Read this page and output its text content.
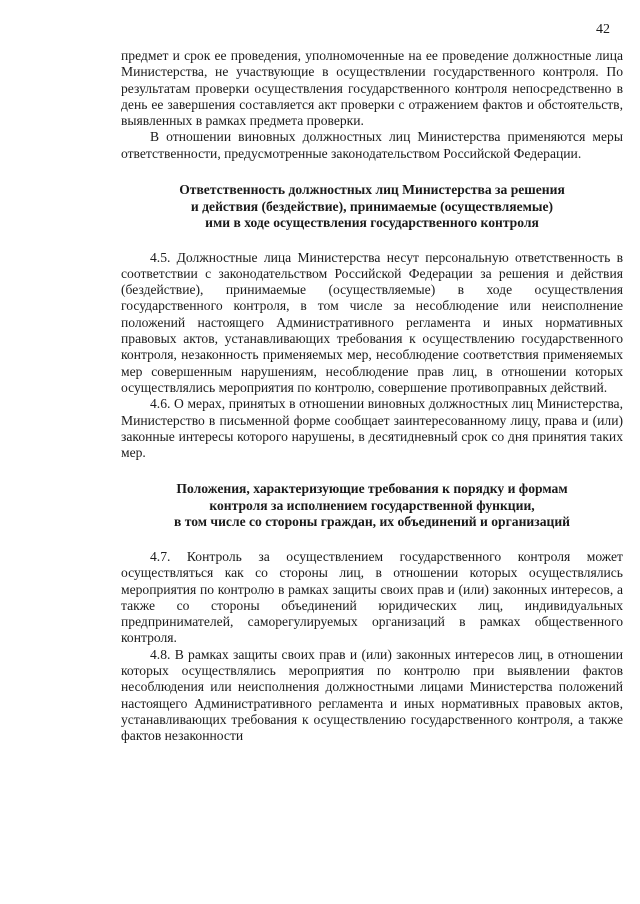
42

предмет и срок ее проведения, уполномоченные на ее проведение должностные лица Министерства, не участвующие в осуществлении государственного контроля. По результатам проверки осуществления государственного контроля непосредственно в день ее завершения составляется акт проверки с отражением фактов и обстоятельств, выявленных в рамках предмета проверки.

В отношении виновных должностных лиц Министерства применяются меры ответственности, предусмотренные законодательством Российской Федерации.

Ответственность должностных лиц Министерства за решения
и действия (бездействие), принимаемые (осуществляемые)
ими в ходе осуществления государственного контроля

4.5. Должностные лица Министерства несут персональную ответственность в соответствии с законодательством Российской Федерации за решения и действия (бездействие), принимаемые (осуществляемые) в ходе осуществления государственного контроля, в том числе за несоблюдение или неисполнение положений настоящего Административного регламента и иных нормативных правовых актов, устанавливающих требования к осуществлению государственного контроля, незаконность применяемых мер, несоблюдение соответствия применяемых мер совершенным нарушениям, несоблюдение прав лиц, в отношении которых осуществлялись мероприятия по контролю, совершение противоправных действий.

4.6. О мерах, принятых в отношении виновных должностных лиц Министерства, Министерство в письменной форме сообщает заинтересованному лицу, права и (или) законные интересы которого нарушены, в десятидневный срок со дня принятия таких мер.

Положения, характеризующие требования к порядку и формам
контроля за исполнением государственной функции,
в том числе со стороны граждан, их объединений и организаций

4.7. Контроль за осуществлением государственного контроля может осуществляться как со стороны лиц, в отношении которых осуществлялись мероприятия по контролю в рамках защиты своих прав и (или) законных интересов, а также со стороны объединений юридических лиц, индивидуальных предпринимателей, саморегулируемых организаций в рамках общественного контроля.

4.8. В рамках защиты своих прав и (или) законных интересов лиц, в отношении которых осуществлялись мероприятия по контролю при выявлении фактов несоблюдения или неисполнения должностными лицами Министерства положений настоящего Административного регламента и иных нормативных правовых актов, устанавливающих требования к осуществлению государственного контроля, а также фактов незаконности
